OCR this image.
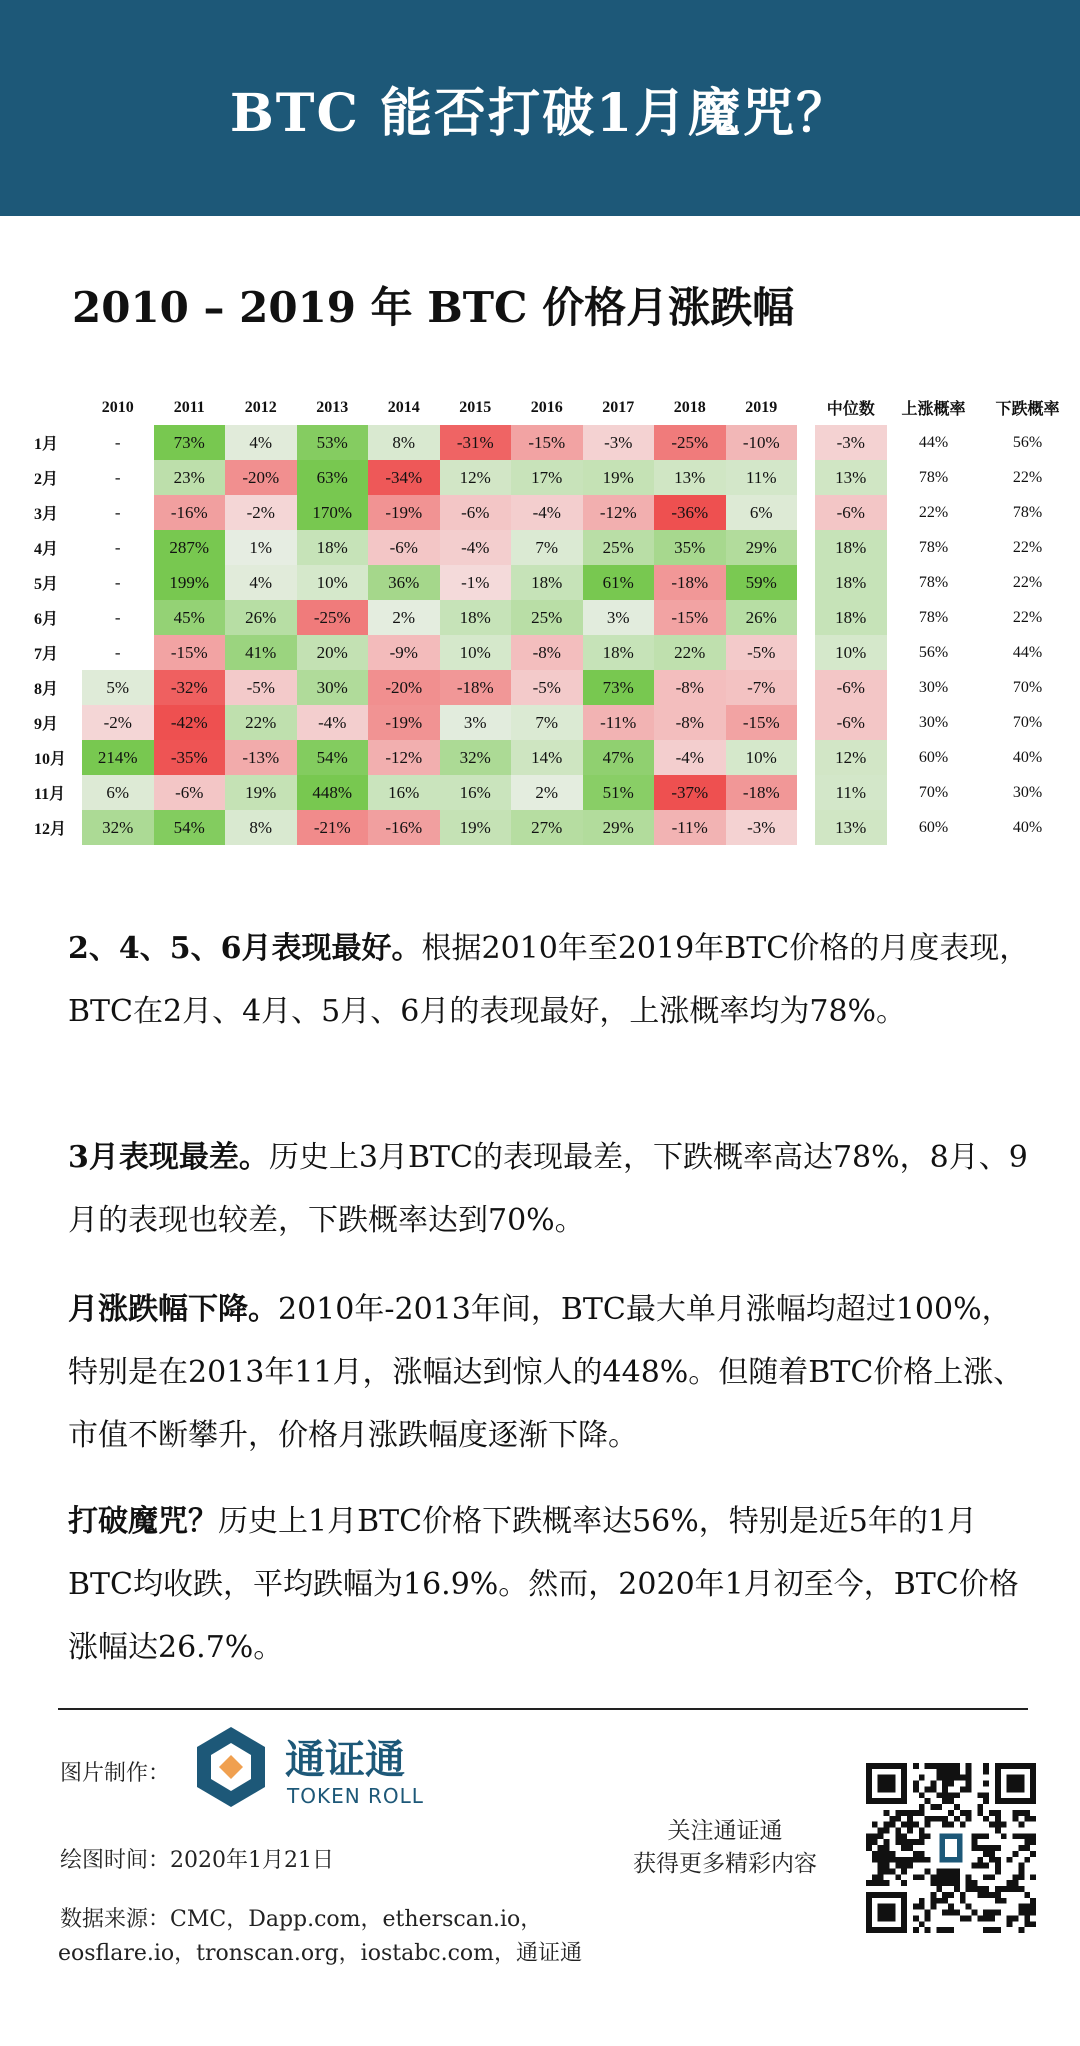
BTC 能否打破1月魔咒？
2010 – 2019 年 BTC 价格月涨跌幅
2010	2011	2012	2013	2014	2015	2016	2017	2018	2019	中位数	上涨概率	下跌概率
1月	-	73%	4%	53%	8%	-31%	-15%	-3%	-25%	-10%	-3%	44%	56%
2月	-	23%	-20%	63%	-34%	12%	17%	19%	13%	11%	13%	78%	22%
3月	-	-16%	-2%	170%	-19%	-6%	-4%	-12%	-36%	6%	-6%	22%	78%
4月	-	287%	1%	18%	-6%	-4%	7%	25%	35%	29%	18%	78%	22%
5月	-	199%	4%	10%	36%	-1%	18%	61%	-18%	59%	18%	78%	22%
6月	-	45%	26%	-25%	2%	18%	25%	3%	-15%	26%	18%	78%	22%
7月	-	-15%	41%	20%	-9%	10%	-8%	18%	22%	-5%	10%	56%	44%
8月	5%	-32%	-5%	30%	-20%	-18%	-5%	73%	-8%	-7%	-6%	30%	70%
9月	-2%	-42%	22%	-4%	-19%	3%	7%	-11%	-8%	-15%	-6%	30%	70%
10月	214%	-35%	-13%	54%	-12%	32%	14%	47%	-4%	10%	12%	60%	40%
11月	6%	-6%	19%	448%	16%	16%	2%	51%	-37%	-18%	11%	70%	30%
12月	32%	54%	8%	-21%	-16%	19%	27%	29%	-11%	-3%	13%	60%	40%
2、4、5、6月表现最好。根据2010年至2019年BTC价格的月度表现，BTC在2月、4月、5月、6月的表现最好，上涨概率均为78%。
3月表现最差。历史上3月BTC的表现最差，下跌概率高达78%，8月、9月的表现也较差，下跌概率达到70%。
月涨跌幅下降。2010年-2013年间，BTC最大单月涨幅均超过100%，特别是在2013年11月，涨幅达到惊人的448%。但随着BTC价格上涨、市值不断攀升，价格月涨跌幅度逐渐下降。
打破魔咒？历史上1月BTC价格下跌概率达56%，特别是近5年的1月BTC均收跌，平均跌幅为16.9%。然而，2020年1月初至今，BTC价格涨幅达26.7%。
图片制作：	通证通
TOKEN ROLL
绘图时间：2020年1月21日
数据来源：CMC，Dapp.com，etherscan.io，
eosflare.io，tronscan.org，iostabc.com，通证通
关注通证通
获得更多精彩内容
